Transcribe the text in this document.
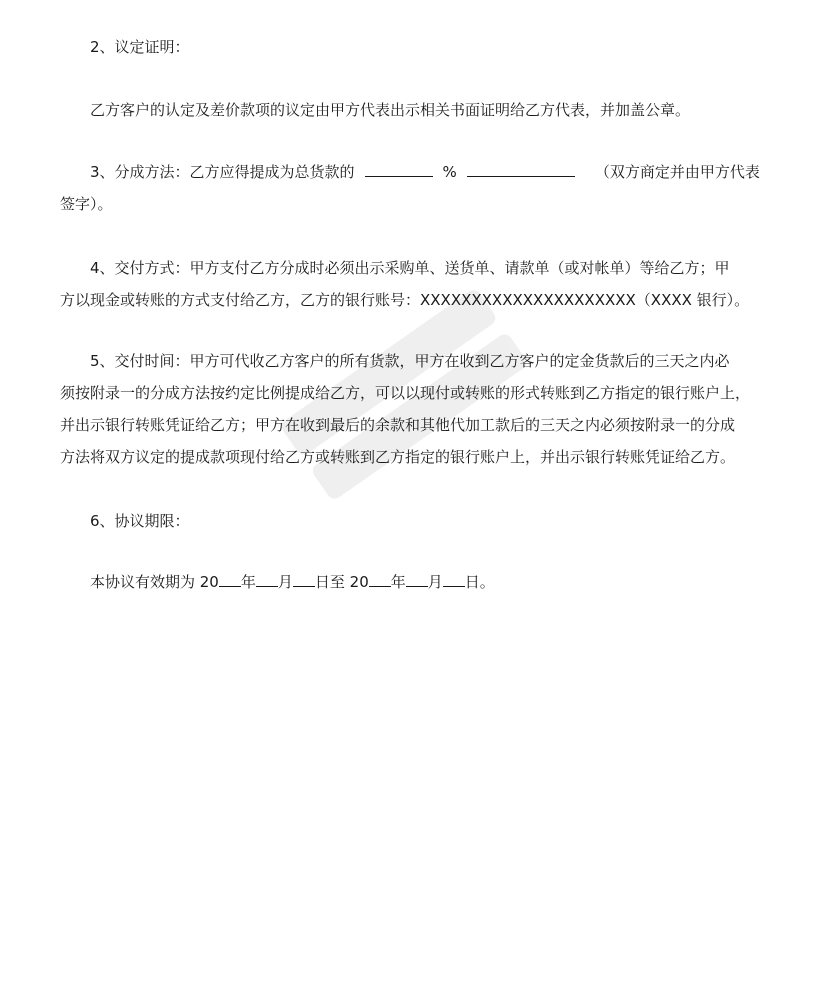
2、议定证明：
乙方客户的认定及差价款项的议定由甲方代表出示相关书面证明给乙方代表，并加盖公章。
3、分成方法：乙方应得提成为总货款的	%	（双方商定并由甲方代表
签字）。
4、交付方式：甲方支付乙方分成时必须出示采购单、送货单、请款单（或对帐单）等给乙方；甲
方以现金或转账的方式支付给乙方，乙方的银行账号：XXXXXXXXXXXXXXXXXXXXX（XXXX 银行）。
5、交付时间：甲方可代收乙方客户的所有货款，甲方在收到乙方客户的定金货款后的三天之内必
须按附录一的分成方法按约定比例提成给乙方，可以以现付或转账的形式转账到乙方指定的银行账户上，
并出示银行转账凭证给乙方；甲方在收到最后的余款和其他代加工款后的三天之内必须按附录一的分成
方法将双方议定的提成款项现付给乙方或转账到乙方指定的银行账户上，并出示银行转账凭证给乙方。
6、协议期限：
本协议有效期为 20 年 月 日至 20 年 月 日。
